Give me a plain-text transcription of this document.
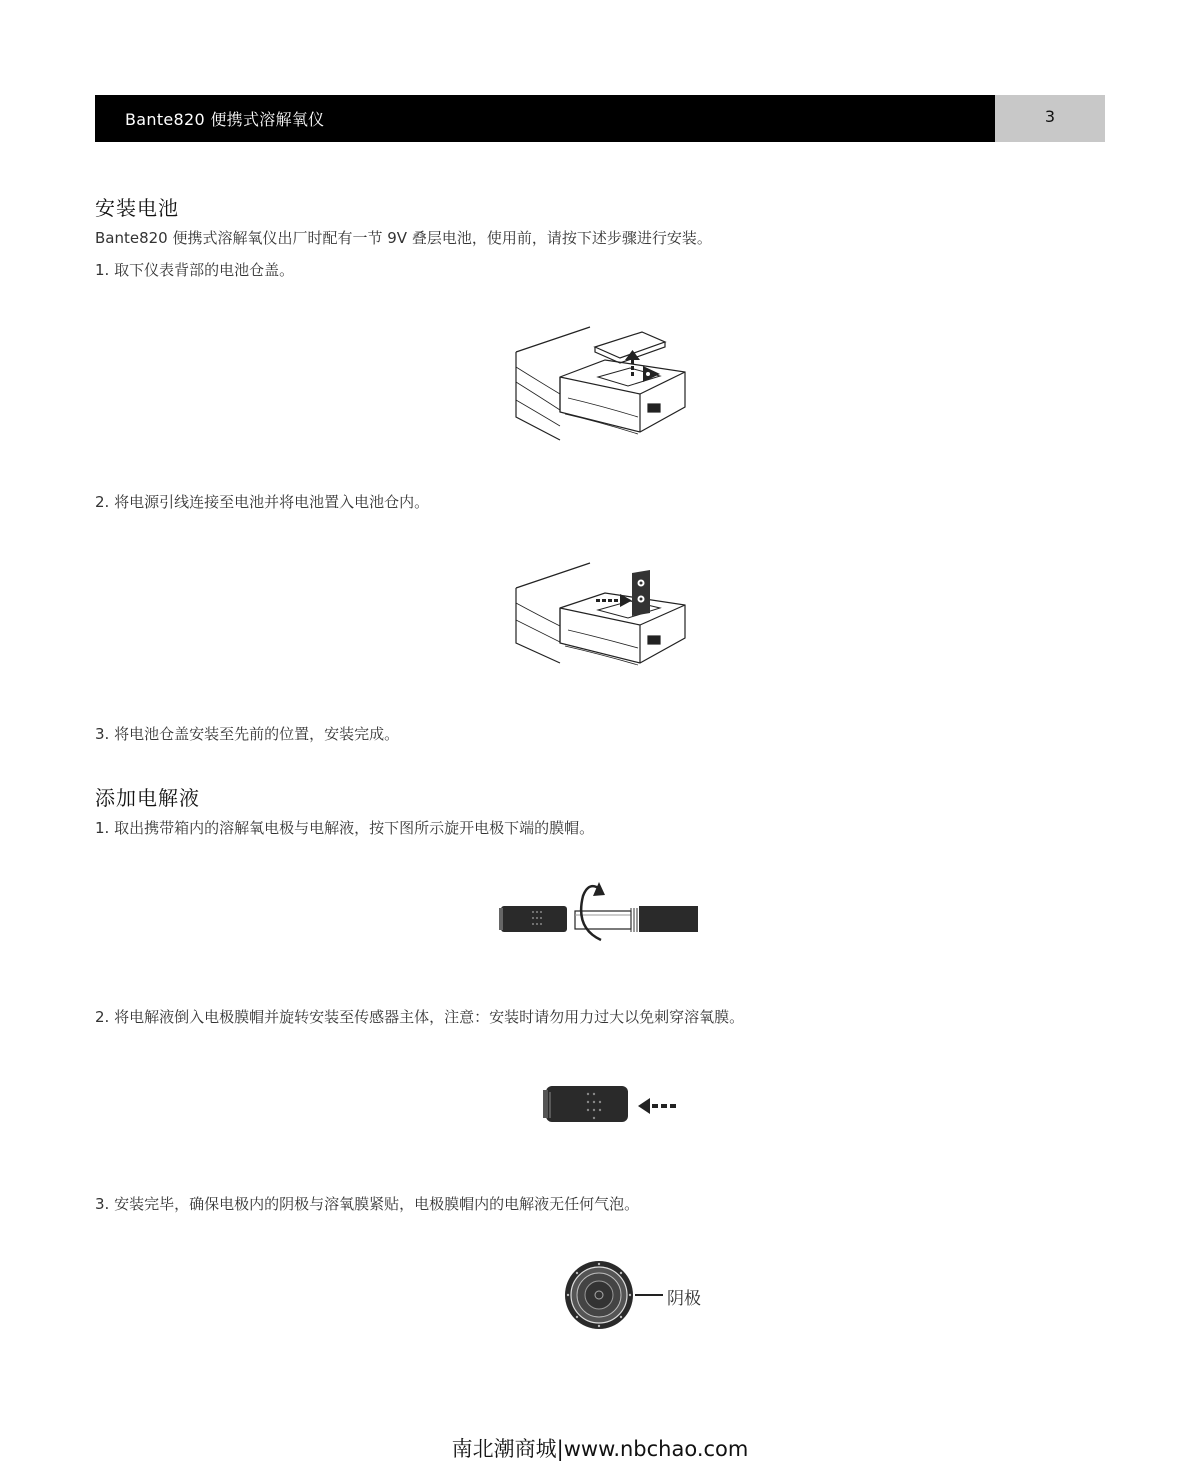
Bante820 便携式溶解氧仪	3
安装电池
Bante820 便携式溶解氧仪出厂时配有一节 9V 叠层电池，使用前，请按下述步骤进行安装。
1. 取下仪表背部的电池仓盖。
2. 将电源引线连接至电池并将电池置入电池仓内。
3. 将电池仓盖安装至先前的位置，安装完成。
添加电解液
1. 取出携带箱内的溶解氧电极与电解液，按下图所示旋开电极下端的膜帽。
2. 将电解液倒入电极膜帽并旋转安装至传感器主体，注意：安装时请勿用力过大以免刺穿溶氧膜。
3. 安装完毕，确保电极内的阴极与溶氧膜紧贴，电极膜帽内的电解液无任何气泡。
阴极
南北潮商城|www.nbchao.com
